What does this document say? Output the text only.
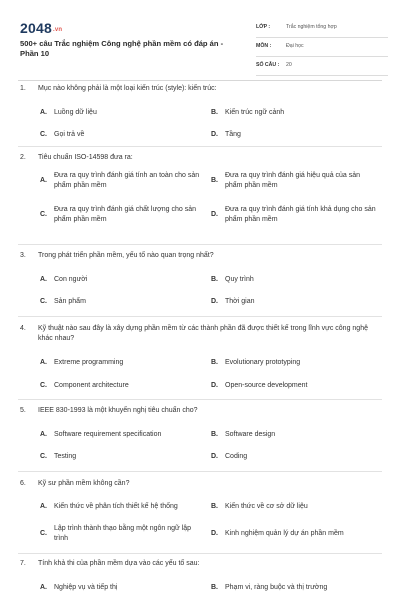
2048.vn
500+ câu Trắc nghiệm Công nghệ phần mềm có đáp án - Phần 10
LỚP :	Trắc nghiệm tổng hợp
MÔN :	Đại học
SỐ CÂU : 20
1.	Mục nào không phải là một loại kiến trúc (style): kiến trúc:
A. Luồng dữ liệu	B. Kiến trúc ngữ cảnh
C. Gọi trả về	D. Tầng
2.	Tiêu chuẩn ISO-14598 đưa ra:
A.
Đưa ra quy trình đánh giá tính an toàn cho sản phẩm phần mềm
B.
Đưa ra quy trình đánh giá hiệu quả của sản phẩm phần mềm
C.
Đưa ra quy trình đánh giá chất lượng cho sản phẩm phần mềm
D.
Đưa ra quy trình đánh giá tính khả dụng cho sản phẩm phần mềm
3.	Trong phát triển phần mềm, yếu tố nào quan trọng nhất?
A. Con người	B. Quy trình
C. Sản phẩm	D. Thời gian
4.	Kỹ thuật nào sau đây là xây dựng phần mềm từ các thành phần đã được thiết kế trong lĩnh vực công nghệ khác nhau?
A. Extreme programming	B. Evolutionary prototyping
C. Component architecture	D. Open-source development
5.	IEEE 830-1993 là một khuyến nghị tiêu chuẩn cho?
A. Software requirement specification	B. Software design
C. Testing	D. Coding
6.	Kỹ sư phần mềm không cần?
A. Kiến thức về phân tích thiết kế hệ thống	B. Kiến thức về cơ sở dữ liệu
C.
Lập trình thành thạo bằng một ngôn ngữ lập trình
D. Kinh nghiệm quản lý dự án phần mềm
7.	Tính khả thi của phần mềm dựa vào các yếu tố sau:
A. Nghiệp vụ và tiếp thị	B. Phạm vi, ràng buộc và thị trường
